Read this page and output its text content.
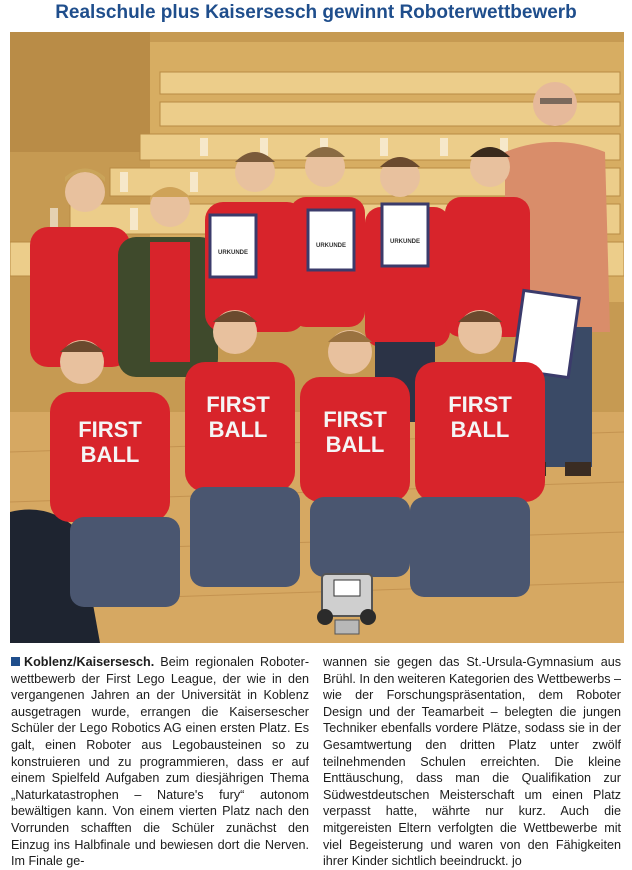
Realschule plus Kaisersesch gewinnt Roboterwettbewerb
URKUNDE
URKUNDE
URKUNDE
FIRST
BALL
FIRST
BALL	FIRST
BALL
FIRST
BALL

Koblenz/Kaisersesch. Beim regionalen Roboterwettbewerb der First Lego League, der wie in den vergangenen Jahren an der Universität in Koblenz ausgetragen wurde, errangen die Kaisersescher Schüler der Lego Robotics AG einen ersten Platz. Es galt, einen Roboter aus Legobausteinen so zu konstruieren und zu programmieren, dass er auf einem Spielfeld Aufgaben zum diesjährigen Thema „Naturkatastrophen – Nature's fury“ autonom bewältigen kann. Von einem vierten Platz nach den Vorrunden schafften die Schüler zunächst den Einzug ins Halbfinale und bewiesen dort die Nerven. Im Finale ge-

wannen sie gegen das St.-Ursula-Gymnasium aus Brühl. In den weiteren Kategorien des Wettbewerbs – wie der Forschungspräsentation, dem Roboter Design und der Teamarbeit – belegten die jungen Techniker ebenfalls vordere Plätze, sodass sie in der Gesamtwertung den dritten Platz unter zwölf teilnehmenden Schulen erreichten. Die kleine Enttäuschung, dass man die Qualifikation zur Südwestdeutschen Meisterschaft um einen Platz verpasst hatte, währte nur kurz. Auch die mitgereisten Eltern verfolgten die Wettbewerbe mit viel Begeisterung und waren von den Fähigkeiten ihrer Kinder sichtlich beeindruckt. jo
